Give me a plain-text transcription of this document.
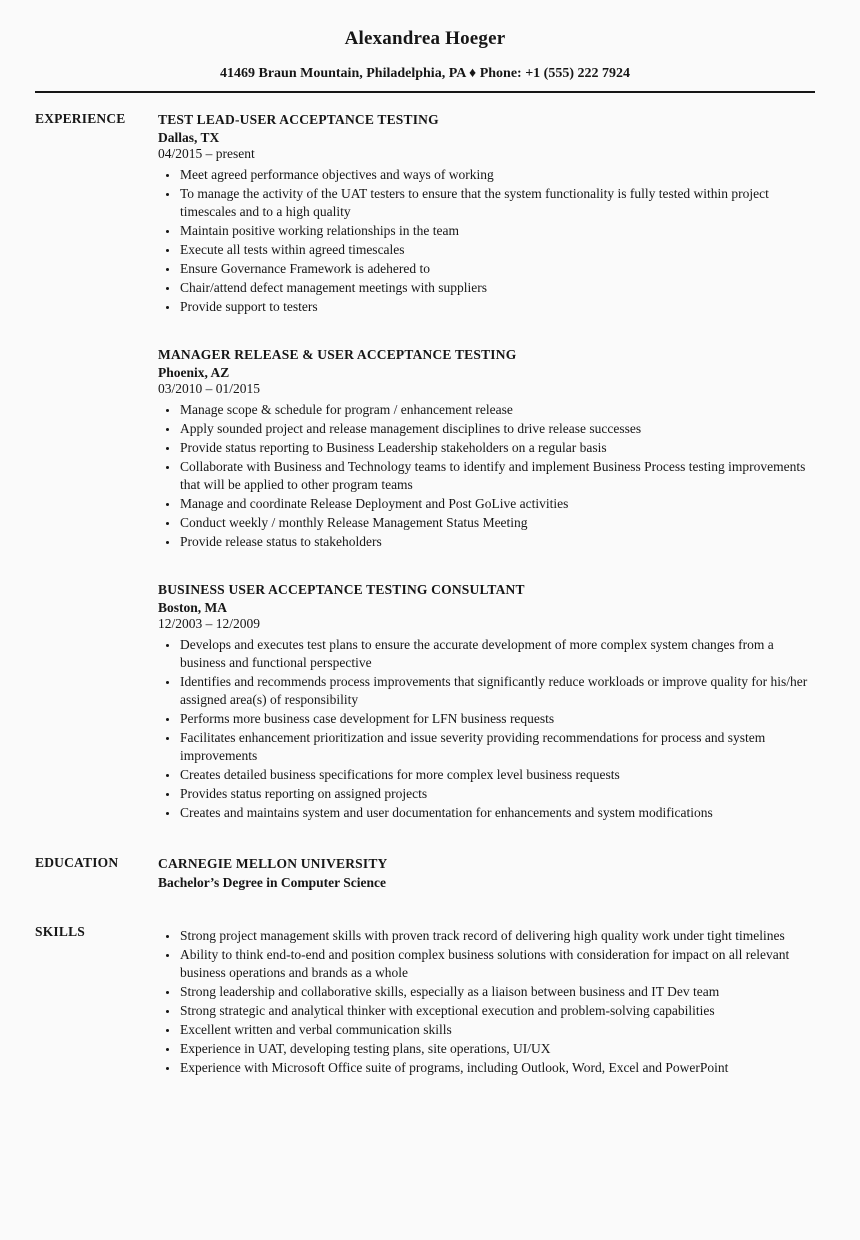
Alexandrea Hoeger

41469 Braun Mountain, Philadelphia, PA ♦ Phone: +1 (555) 222 7924

EXPERIENCE	TEST LEAD-USER ACCEPTANCE TESTING
Dallas, TX
04/2015 – present
• Meet agreed performance objectives and ways of working
• To manage the activity of the UAT testers to ensure that the system functionality is fully tested within project timescales and to a high quality
• Maintain positive working relationships in the team
• Execute all tests within agreed timescales
• Ensure Governance Framework is adehered to
• Chair/attend defect management meetings with suppliers
• Provide support to testers
MANAGER RELEASE & USER ACCEPTANCE TESTING
Phoenix, AZ
03/2010 – 01/2015
• Manage scope & schedule for program / enhancement release
• Apply sounded project and release management disciplines to drive release successes
• Provide status reporting to Business Leadership stakeholders on a regular basis
• Collaborate with Business and Technology teams to identify and implement Business Process testing improvements that will be applied to other program teams
• Manage and coordinate Release Deployment and Post GoLive activities
• Conduct weekly / monthly Release Management Status Meeting
• Provide release status to stakeholders
BUSINESS USER ACCEPTANCE TESTING CONSULTANT
Boston, MA
12/2003 – 12/2009
• Develops and executes test plans to ensure the accurate development of more complex system changes from a business and functional perspective
• Identifies and recommends process improvements that significantly reduce workloads or improve quality for his/her assigned area(s) of responsibility
• Performs more business case development for LFN business requests
• Facilitates enhancement prioritization and issue severity providing recommendations for process and system improvements
• Creates detailed business specifications for more complex level business requests
• Provides status reporting on assigned projects
• Creates and maintains system and user documentation for enhancements and system modifications
EDUCATION	CARNEGIE MELLON UNIVERSITY
Bachelor’s Degree in Computer Science
SKILLS	• Strong project management skills with proven track record of delivering high quality work under tight timelines
• Ability to think end-to-end and position complex business solutions with consideration for impact on all relevant business operations and brands as a whole
• Strong leadership and collaborative skills, especially as a liaison between business and IT Dev team
• Strong strategic and analytical thinker with exceptional execution and problem-solving capabilities
• Excellent written and verbal communication skills
• Experience in UAT, developing testing plans, site operations, UI/UX
• Experience with Microsoft Office suite of programs, including Outlook, Word, Excel and PowerPoint
